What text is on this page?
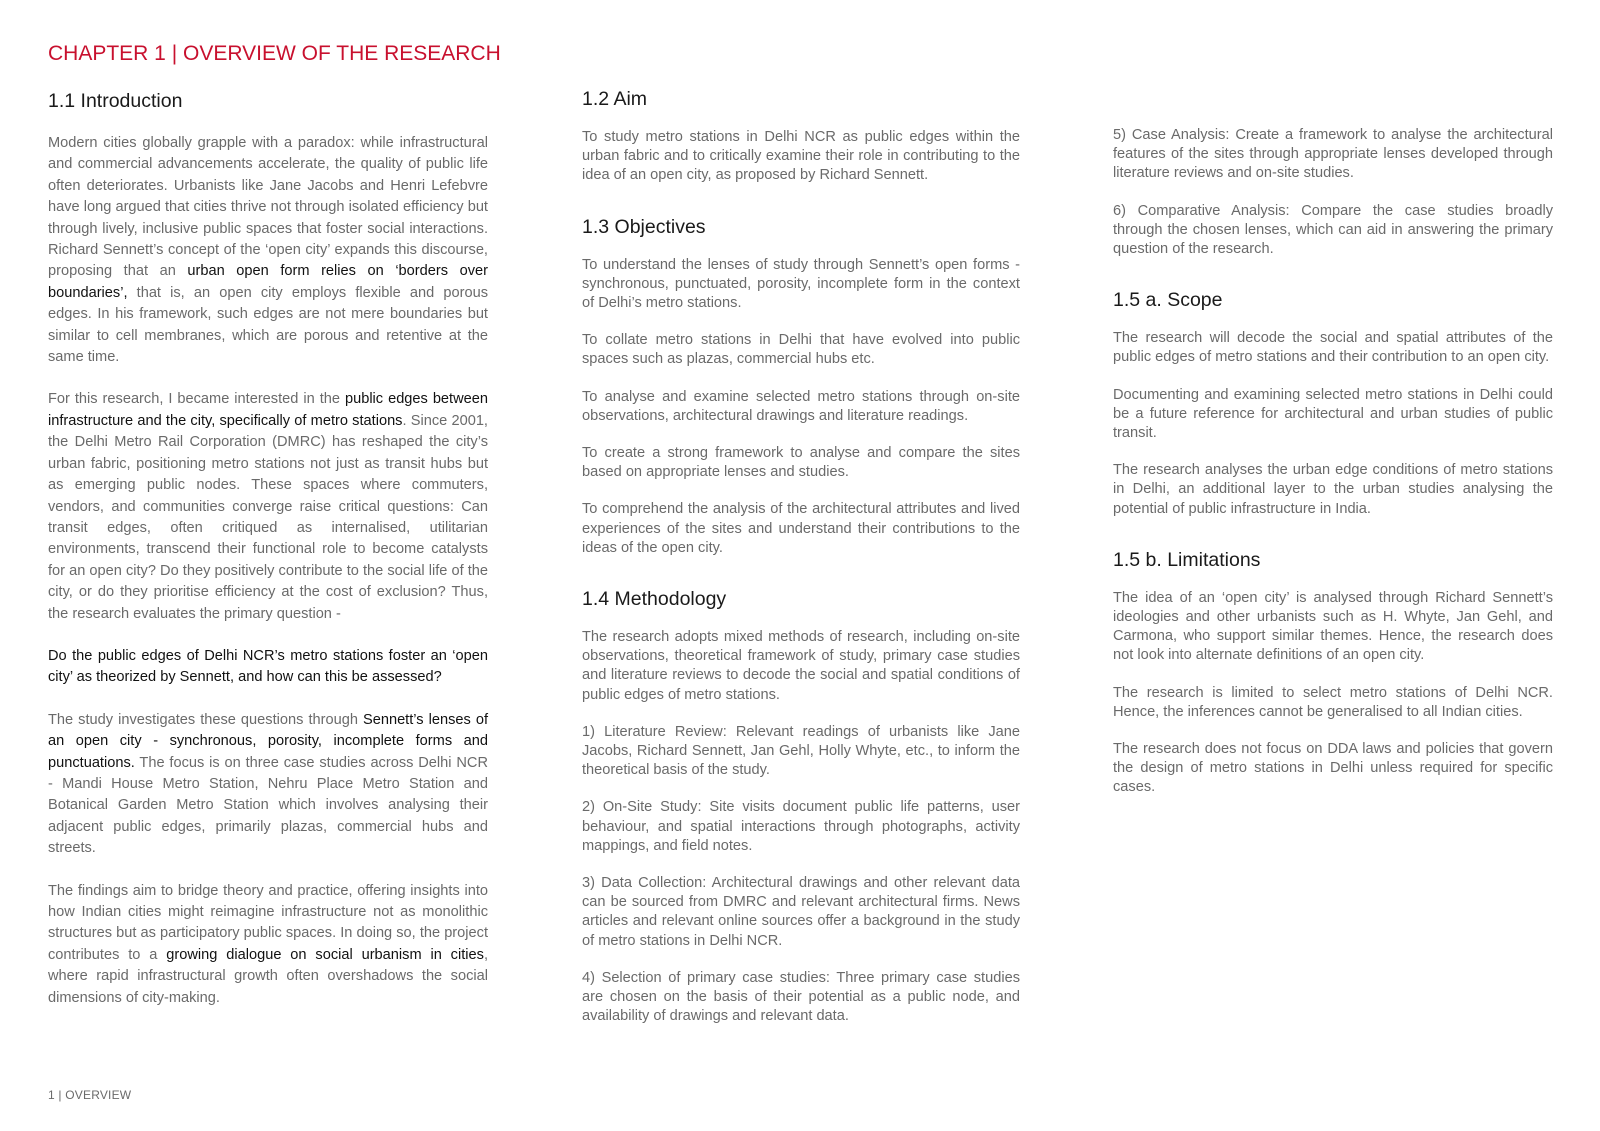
CHAPTER 1 | OVERVIEW OF THE RESEARCH
1.1 Introduction

Modern cities globally grapple with a paradox: while infrastructural and commercial advancements accelerate, the quality of public life often deteriorates. Urbanists like Jane Jacobs and Henri Lefebvre have long argued that cities thrive not through isolated efficiency but through lively, inclusive public spaces that foster social interactions. Richard Sennett’s concept of the ‘open city’ expands this discourse, proposing that an urban open form relies on ‘borders over boundaries’, that is, an open city employs flexible and porous edges. In his framework, such edges are not mere boundaries but similar to cell membranes, which are porous and retentive at the same time.

For this research, I became interested in the public edges between infrastructure and the city, specifically of metro stations. Since 2001, the Delhi Metro Rail Corporation (DMRC) has reshaped the city’s urban fabric, positioning metro stations not just as transit hubs but as emerging public nodes. These spaces where commuters, vendors, and communities converge raise critical questions: Can transit edges, often critiqued as internalised, utilitarian environments, transcend their functional role to become catalysts for an open city? Do they positively contribute to the social life of the city, or do they prioritise efficiency at the cost of exclusion? Thus, the research evaluates the primary question -

Do the public edges of Delhi NCR’s metro stations foster an ‘open city’ as theorized by Sennett, and how can this be assessed?

The study investigates these questions through Sennett’s lenses of an open city - synchronous, porosity, incomplete forms and punctuations. The focus is on three case studies across Delhi NCR - Mandi House Metro Station, Nehru Place Metro Station and Botanical Garden Metro Station which involves analysing their adjacent public edges, primarily plazas, commercial hubs and streets.

The findings aim to bridge theory and practice, offering insights into how Indian cities might reimagine infrastructure not as monolithic structures but as participatory public spaces. In doing so, the project contributes to a growing dialogue on social urbanism in cities, where rapid infrastructural growth often overshadows the social dimensions of city-making.

1.2 Aim

To study metro stations in Delhi NCR as public edges within the urban fabric and to critically examine their role in contributing to the idea of an open city, as proposed by Richard Sennett.

1.3 Objectives

To understand the lenses of study through Sennett’s open forms - synchronous, punctuated, porosity, incomplete form in the context of Delhi’s metro stations.

To collate metro stations in Delhi that have evolved into public spaces such as plazas, commercial hubs etc.

To analyse and examine selected metro stations through on-site observations, architectural drawings and literature readings.

To create a strong framework to analyse and compare the sites based on appropriate lenses and studies.

To comprehend the analysis of the architectural attributes and lived experiences of the sites and understand their contributions to the ideas of the open city.

1.4 Methodology

The research adopts mixed methods of research, including on-site observations, theoretical framework of study, primary case studies and literature reviews to decode the social and spatial conditions of public edges of metro stations.

1) Literature Review: Relevant readings of urbanists like Jane Jacobs, Richard Sennett, Jan Gehl, Holly Whyte, etc., to inform the theoretical basis of the study.

2) On-Site Study: Site visits document public life patterns, user behaviour, and spatial interactions through photographs, activity mappings, and field notes.

3) Data Collection: Architectural drawings and other relevant data can be sourced from DMRC and relevant architectural firms. News articles and relevant online sources offer a background in the study of metro stations in Delhi NCR.

4) Selection of primary case studies: Three primary case studies are chosen on the basis of their potential as a public node, and availability of drawings and relevant data.

5) Case Analysis: Create a framework to analyse the architectural features of the sites through appropriate lenses developed through literature reviews and on-site studies.

6) Comparative Analysis: Compare the case studies broadly through the chosen lenses, which can aid in answering the primary question of the research.

1.5 a. Scope

The research will decode the social and spatial attributes of the public edges of metro stations and their contribution to an open city.

Documenting and examining selected metro stations in Delhi could be a future reference for architectural and urban studies of public transit.

The research analyses the urban edge conditions of metro stations in Delhi, an additional layer to the urban studies analysing the potential of public infrastructure in India.

1.5 b. Limitations

The idea of an ‘open city’ is analysed through Richard Sennett’s ideologies and other urbanists such as H. Whyte, Jan Gehl, and Carmona, who support similar themes. Hence, the research does not look into alternate definitions of an open city.

The research is limited to select metro stations of Delhi NCR. Hence, the inferences cannot be generalised to all Indian cities.

The research does not focus on DDA laws and policies that govern the design of metro stations in Delhi unless required for specific cases.

1 | OVERVIEW
